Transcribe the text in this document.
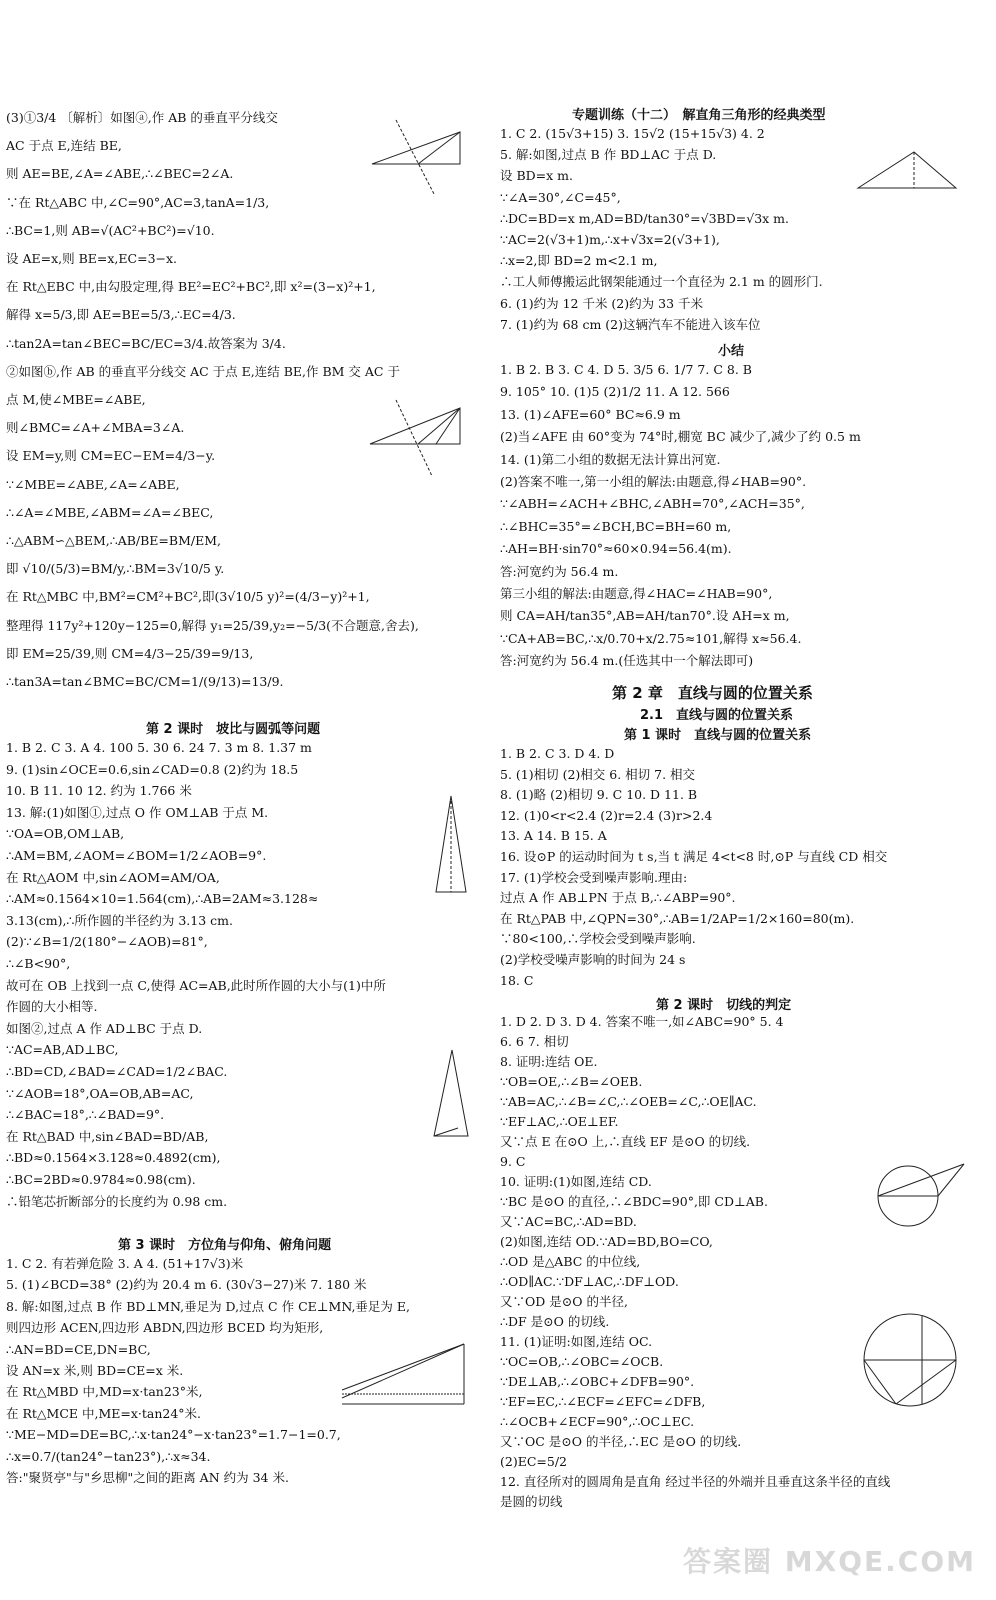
(3)①3/4 〔解析〕如图ⓐ,作 AB 的垂直平分线交
AC 于点 E,连结 BE,
则 AE=BE,∠A=∠ABE,∴∠BEC=2∠A.
∵在 Rt△ABC 中,∠C=90°,AC=3,tanA=1/3,
∴BC=1,则 AB=√(AC²+BC²)=√10.
设 AE=x,则 BE=x,EC=3−x.
在 Rt△EBC 中,由勾股定理,得 BE²=EC²+BC²,即 x²=(3−x)²+1,
解得 x=5/3,即 AE=BE=5/3,∴EC=4/3.
∴tan2A=tan∠BEC=BC/EC=3/4.故答案为 3/4.
②如图ⓑ,作 AB 的垂直平分线交 AC 于点 E,连结 BE,作 BM 交 AC 于
点 M,使∠MBE=∠ABE,
则∠BMC=∠A+∠MBA=3∠A.
设 EM=y,则 CM=EC−EM=4/3−y.
∵∠MBE=∠ABE,∠A=∠ABE,
∴∠A=∠MBE,∠ABM=∠A=∠BEC,
∴△ABM∽△BEM,∴AB/BE=BM/EM,
即 √10/(5/3)=BM/y,∴BM=3√10/5 y.
在 Rt△MBC 中,BM²=CM²+BC²,即(3√10/5 y)²=(4/3−y)²+1,
整理得 117y²+120y−125=0,解得 y₁=25/39,y₂=−5/3(不合题意,舍去),
即 EM=25/39,则 CM=4/3−25/39=9/13,
∴tan3A=tan∠BMC=BC/CM=1/(9/13)=13/9.
第 2 课时　坡比与圆弧等问题
1. B 2. C 3. A 4. 100 5. 30 6. 24 7. 3 m 8. 1.37 m
9. (1)sin∠OCE=0.6,sin∠CAD=0.8 (2)约为 18.5
10. B 11. 10 12. 约为 1.766 米
13. 解:(1)如图①,过点 O 作 OM⊥AB 于点 M.
∵OA=OB,OM⊥AB,
∴AM=BM,∠AOM=∠BOM=1/2∠AOB=9°.
在 Rt△AOM 中,sin∠AOM=AM/OA,
∴AM≈0.1564×10=1.564(cm),∴AB=2AM≈3.128≈
3.13(cm),∴所作圆的半径约为 3.13 cm.
(2)∵∠B=1/2(180°−∠AOB)=81°,
∴∠B<90°,
故可在 OB 上找到一点 C,使得 AC=AB,此时所作圆的大小与(1)中所
作圆的大小相等.
如图②,过点 A 作 AD⊥BC 于点 D.
∵AC=AB,AD⊥BC,
∴BD=CD,∠BAD=∠CAD=1/2∠BAC.
∵∠AOB=18°,OA=OB,AB=AC,
∴∠BAC=18°,∴∠BAD=9°.
在 Rt△BAD 中,sin∠BAD=BD/AB,
∴BD≈0.1564×3.128≈0.4892(cm),
∴BC=2BD≈0.9784≈0.98(cm).
∴铅笔芯折断部分的长度约为 0.98 cm.
第 3 课时　方位角与仰角、俯角问题
1. C 2. 有若弹危险 3. A 4. (51+17√3)米
5. (1)∠BCD=38° (2)约为 20.4 m 6. (30√3−27)米 7. 180 米
8. 解:如图,过点 B 作 BD⊥MN,垂足为 D,过点 C 作 CE⊥MN,垂足为 E,
则四边形 ACEN,四边形 ABDN,四边形 BCED 均为矩形,
∴AN=BD=CE,DN=BC,
设 AN=x 米,则 BD=CE=x 米.
在 Rt△MBD 中,MD=x·tan23°米,
在 Rt△MCE 中,ME=x·tan24°米.
∵ME−MD=DE=BC,∴x·tan24°−x·tan23°=1.7−1=0.7,
∴x=0.7/(tan24°−tan23°),∴x≈34.
答:"聚贤亭"与"乡思柳"之间的距离 AN 约为 34 米.
专题训练（十二）　解直角三角形的经典类型
1. C 2. (15√3+15) 3. 15√2 (15+15√3) 4. 2
5. 解:如图,过点 B 作 BD⊥AC 于点 D.
设 BD=x m.
∵∠A=30°,∠C=45°,
∴DC=BD=x m,AD=BD/tan30°=√3BD=√3x m.
∵AC=2(√3+1)m,∴x+√3x=2(√3+1),
∴x=2,即 BD=2 m<2.1 m,
∴工人师傅搬运此钢架能通过一个直径为 2.1 m 的圆形门.
6. (1)约为 12 千米 (2)约为 33 千米
7. (1)约为 68 cm (2)这辆汽车不能进入该车位
小结
1. B 2. B 3. C 4. D 5. 3/5 6. 1/7 7. C 8. B
9. 105° 10. (1)5 (2)1/2 11. A 12. 566
13. (1)∠AFE=60° BC≈6.9 m
(2)当∠AFE 由 60°变为 74°时,棚宽 BC 减少了,减少了约 0.5 m
14. (1)第二小组的数据无法计算出河宽.
(2)答案不唯一,第一小组的解法:由题意,得∠HAB=90°.
∵∠ABH=∠ACH+∠BHC,∠ABH=70°,∠ACH=35°,
∴∠BHC=35°=∠BCH,BC=BH=60 m,
∴AH=BH·sin70°≈60×0.94=56.4(m).
答:河宽约为 56.4 m.
第三小组的解法:由题意,得∠HAC=∠HAB=90°,
则 CA=AH/tan35°,AB=AH/tan70°.设 AH=x m,
∵CA+AB=BC,∴x/0.70+x/2.75≈101,解得 x≈56.4.
答:河宽约为 56.4 m.(任选其中一个解法即可)
第 2 章　直线与圆的位置关系
2.1　直线与圆的位置关系
第 1 课时　直线与圆的位置关系
1. B 2. C 3. D 4. D
5. (1)相切 (2)相交 6. 相切 7. 相交
8. (1)略 (2)相切 9. C 10. D 11. B
12. (1)0<r<2.4 (2)r=2.4 (3)r>2.4
13. A 14. B 15. A
16. 设⊙P 的运动时间为 t s,当 t 满足 4<t<8 时,⊙P 与直线 CD 相交
17. (1)学校会受到噪声影响.理由:
过点 A 作 AB⊥PN 于点 B,∴∠ABP=90°.
在 Rt△PAB 中,∠QPN=30°,∴AB=1/2AP=1/2×160=80(m).
∵80<100,∴学校会受到噪声影响.
(2)学校受噪声影响的时间为 24 s
18. C
第 2 课时　切线的判定
1. D 2. D 3. D 4. 答案不唯一,如∠ABC=90° 5. 4
6. 6 7. 相切
8. 证明:连结 OE.
∵OB=OE,∴∠B=∠OEB.
∵AB=AC,∴∠B=∠C,∴∠OEB=∠C,∴OE∥AC.
∵EF⊥AC,∴OE⊥EF.
又∵点 E 在⊙O 上,∴直线 EF 是⊙O 的切线.
9. C
10. 证明:(1)如图,连结 CD.
∵BC 是⊙O 的直径,∴∠BDC=90°,即 CD⊥AB.
又∵AC=BC,∴AD=BD.
(2)如图,连结 OD.∵AD=BD,BO=CO,
∴OD 是△ABC 的中位线,
∴OD∥AC.∵DF⊥AC,∴DF⊥OD.
又∵OD 是⊙O 的半径,
∴DF 是⊙O 的切线.
11. (1)证明:如图,连结 OC.
∵OC=OB,∴∠OBC=∠OCB.
∵DE⊥AB,∴∠OBC+∠DFB=90°.
∵EF=EC,∴∠ECF=∠EFC=∠DFB,
∴∠OCB+∠ECF=90°,∴OC⊥EC.
又∵OC 是⊙O 的半径,∴EC 是⊙O 的切线.
(2)EC=5/2
12. 直径所对的圆周角是直角 经过半径的外端并且垂直这条半径的直线
是圆的切线
答案圈 MXQE.COM
